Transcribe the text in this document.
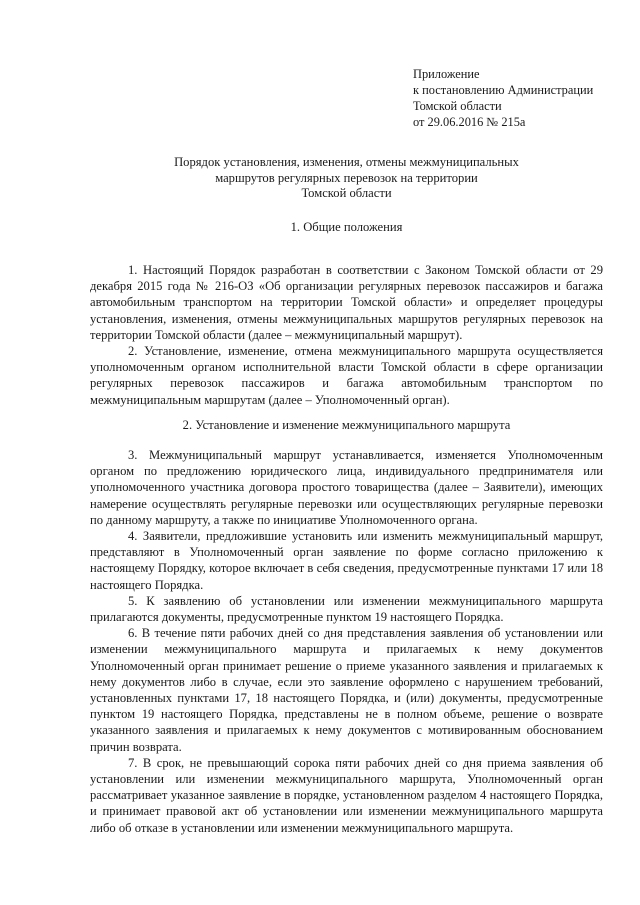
Приложение
к постановлению Администрации
Томской области
от 29.06.2016 № 215а
Порядок установления, изменения, отмены межмуниципальных
маршрутов регулярных перевозок на территории
Томской области
1. Общие положения

1. Настоящий Порядок разработан в соответствии с Законом Томской области от 29 декабря 2015 года № 216-ОЗ «Об организации регулярных перевозок пассажиров и багажа автомобильным транспортом на территории Томской области» и определяет процедуры установления, изменения, отмены межмуниципальных маршрутов регулярных перевозок на территории Томской области (далее – межмуниципальный маршрут).

2. Установление, изменение, отмена межмуниципального маршрута осуществляется уполномоченным органом исполнительной власти Томской области в сфере организации регулярных перевозок пассажиров и багажа автомобильным транспортом по межмуниципальным маршрутам (далее – Уполномоченный орган).

2. Установление и изменение межмуниципального маршрута

3. Межмуниципальный маршрут устанавливается, изменяется Уполномоченным органом по предложению юридического лица, индивидуального предпринимателя или уполномоченного участника договора простого товарищества (далее – Заявители), имеющих намерение осуществлять регулярные перевозки или осуществляющих регулярные перевозки по данному маршруту, а также по инициативе Уполномоченного органа.

4. Заявители, предложившие установить или изменить межмуниципальный маршрут, представляют в Уполномоченный орган заявление по форме согласно приложению к настоящему Порядку, которое включает в себя сведения, предусмотренные пунктами 17 или 18 настоящего Порядка.

5. К заявлению об установлении или изменении межмуниципального маршрута прилагаются документы, предусмотренные пунктом 19 настоящего Порядка.

6. В течение пяти рабочих дней со дня представления заявления об установлении или изменении межмуниципального маршрута и прилагаемых к нему документов Уполномоченный орган принимает решение о приеме указанного заявления и прилагаемых к нему документов либо в случае, если это заявление оформлено с нарушением требований, установленных пунктами 17, 18 настоящего Порядка, и (или) документы, предусмотренные пунктом 19 настоящего Порядка, представлены не в полном объеме, решение о возврате указанного заявления и прилагаемых к нему документов с мотивированным обоснованием причин возврата.

7. В срок, не превышающий сорока пяти рабочих дней со дня приема заявления об установлении или изменении межмуниципального маршрута, Уполномоченный орган рассматривает указанное заявление в порядке, установленном разделом 4 настоящего Порядка, и принимает правовой акт об установлении или изменении межмуниципального маршрута либо об отказе в установлении или изменении межмуниципального маршрута.
